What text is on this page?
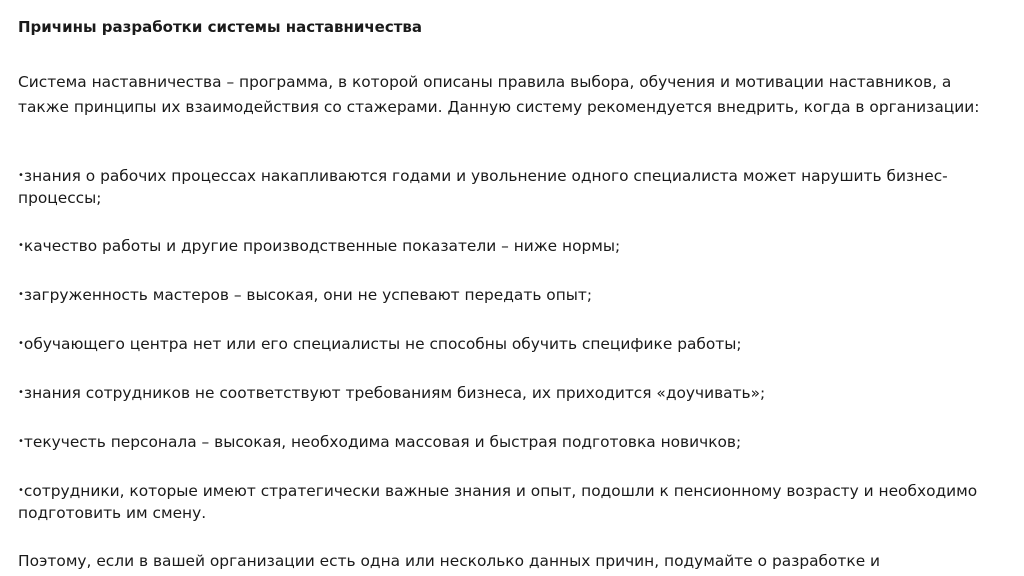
Причины разработки системы наставничества

Система наставничества – программа, в которой описаны правила выбора, обучения и мотивации наставников, а также принципы их взаимодействия со стажерами. Данную систему рекомендуется внедрить, когда в организации:

•знания о рабочих процессах накапливаются годами и увольнение одного специалиста может нарушить бизнес-процессы;

•качество работы и другие производственные показатели – ниже нормы;

•загруженность мастеров – высокая, они не успевают передать опыт;

•обучающего центра нет или его специалисты не способны обучить специфике работы;

•знания сотрудников не соответствуют требованиям бизнеса, их приходится «доучивать»;

•текучесть персонала – высокая, необходима массовая и быстрая подготовка новичков;

•сотрудники, которые имеют стратегически важные знания и опыт, подошли к пенсионному возрасту и необходимо подготовить им смену.

Поэтому, если в вашей организации есть одна или несколько данных причин, подумайте о разработке и
